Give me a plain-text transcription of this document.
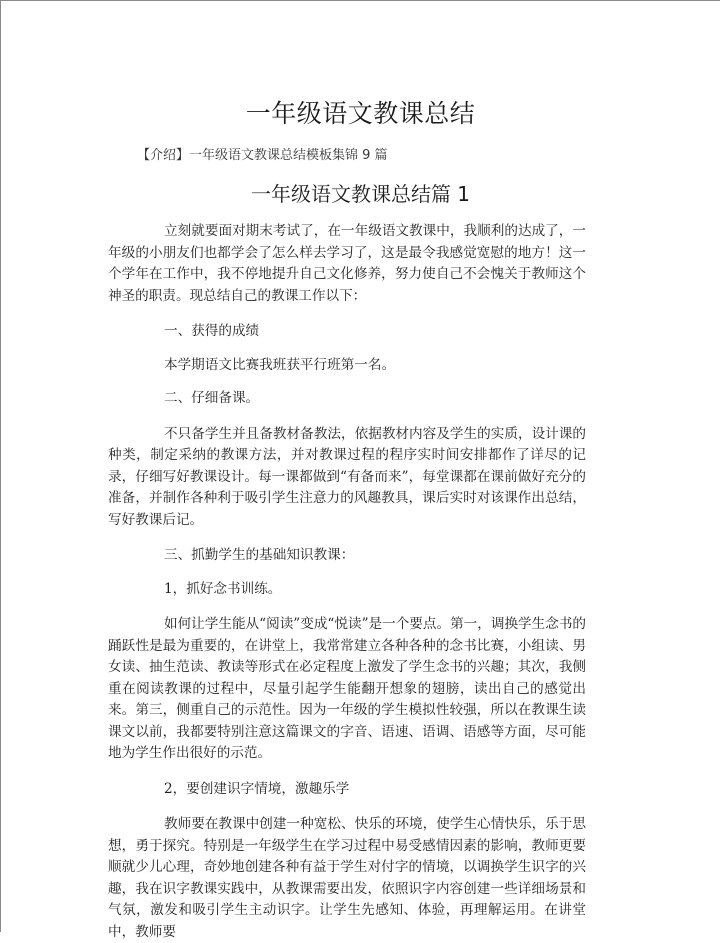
一年级语文教课总结

【介绍】一年级语文教课总结模板集锦 9 篇

一年级语文教课总结篇 1

立刻就要面对期末考试了，在一年级语文教课中，我顺利的达成了，一年级的小朋友们也都学会了怎么样去学习了，这是最令我感觉宽慰的地方！这一个学年在工作中，我不停地提升自己文化修养，努力使自己不会愧关于教师这个神圣的职责。现总结自己的教课工作以下：

一、获得的成绩

本学期语文比赛我班获平行班第一名。

二、仔细备课。

不只备学生并且备教材备教法，依据教材内容及学生的实质，设计课的种类，制定采纳的教课方法，并对教课过程的程序实时间安排都作了详尽的记录，仔细写好教课设计。每一课都做到“有备而来”，每堂课都在课前做好充分的准备，并制作各种利于吸引学生注意力的风趣教具，课后实时对该课作出总结，写好教课后记。

三、抓勤学生的基础知识教课：

1，抓好念书训练。

如何让学生能从“阅读”变成“悦读”是一个要点。第一，调换学生念书的踊跃性是最为重要的，在讲堂上，我常常建立各种各种的念书比赛，小组读、男女读、抽生范读、教读等形式在必定程度上激发了学生念书的兴趣；其次，我侧重在阅读教课的过程中，尽量引起学生能翻开想象的翅膀，读出自己的感觉出来。第三，侧重自己的示范性。因为一年级的学生模拟性较强，所以在教课生读课文以前，我都要特别注意这篇课文的字音、语速、语调、语感等方面，尽可能地为学生作出很好的示范。

2，要创建识字情境，激趣乐学

教师要在教课中创建一种宽松、快乐的环境，使学生心情快乐，乐于思想，勇于探究。特别是一年级学生在学习过程中易受感情因素的影响，教师更要顺就少儿心理，奇妙地创建各种有益于学生对付字的情境，以调换学生识字的兴趣，我在识字教课实践中，从教课需要出发，依照识字内容创建一些详细场景和气氛，激发和吸引学生主动识字。让学生先感知、体验，再理解运用。在讲堂中，教师要
